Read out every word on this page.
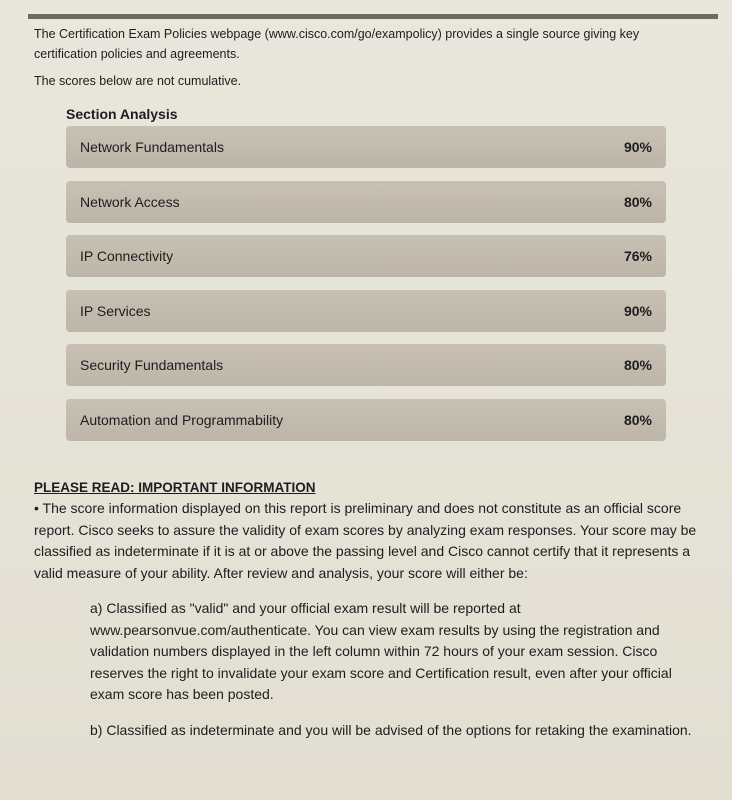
The Certification Exam Policies webpage (www.cisco.com/go/exampolicy) provides a single source giving key certification policies and agreements.
The scores below are not cumulative.
Section Analysis
Network Fundamentals	90%
Network Access	80%
IP Connectivity	76%
IP Services	90%
Security Fundamentals	80%
Automation and Programmability	80%
PLEASE READ: IMPORTANT INFORMATION
• The score information displayed on this report is preliminary and does not constitute as an official score report. Cisco seeks to assure the validity of exam scores by analyzing exam responses. Your score may be classified as indeterminate if it is at or above the passing level and Cisco cannot certify that it represents a valid measure of your ability. After review and analysis, your score will either be:
a) Classified as "valid" and your official exam result will be reported at www.pearsonvue.com/authenticate. You can view exam results by using the registration and validation numbers displayed in the left column within 72 hours of your exam session. Cisco reserves the right to invalidate your exam score and Certification result, even after your official exam score has been posted.
b) Classified as indeterminate and you will be advised of the options for retaking the examination.
